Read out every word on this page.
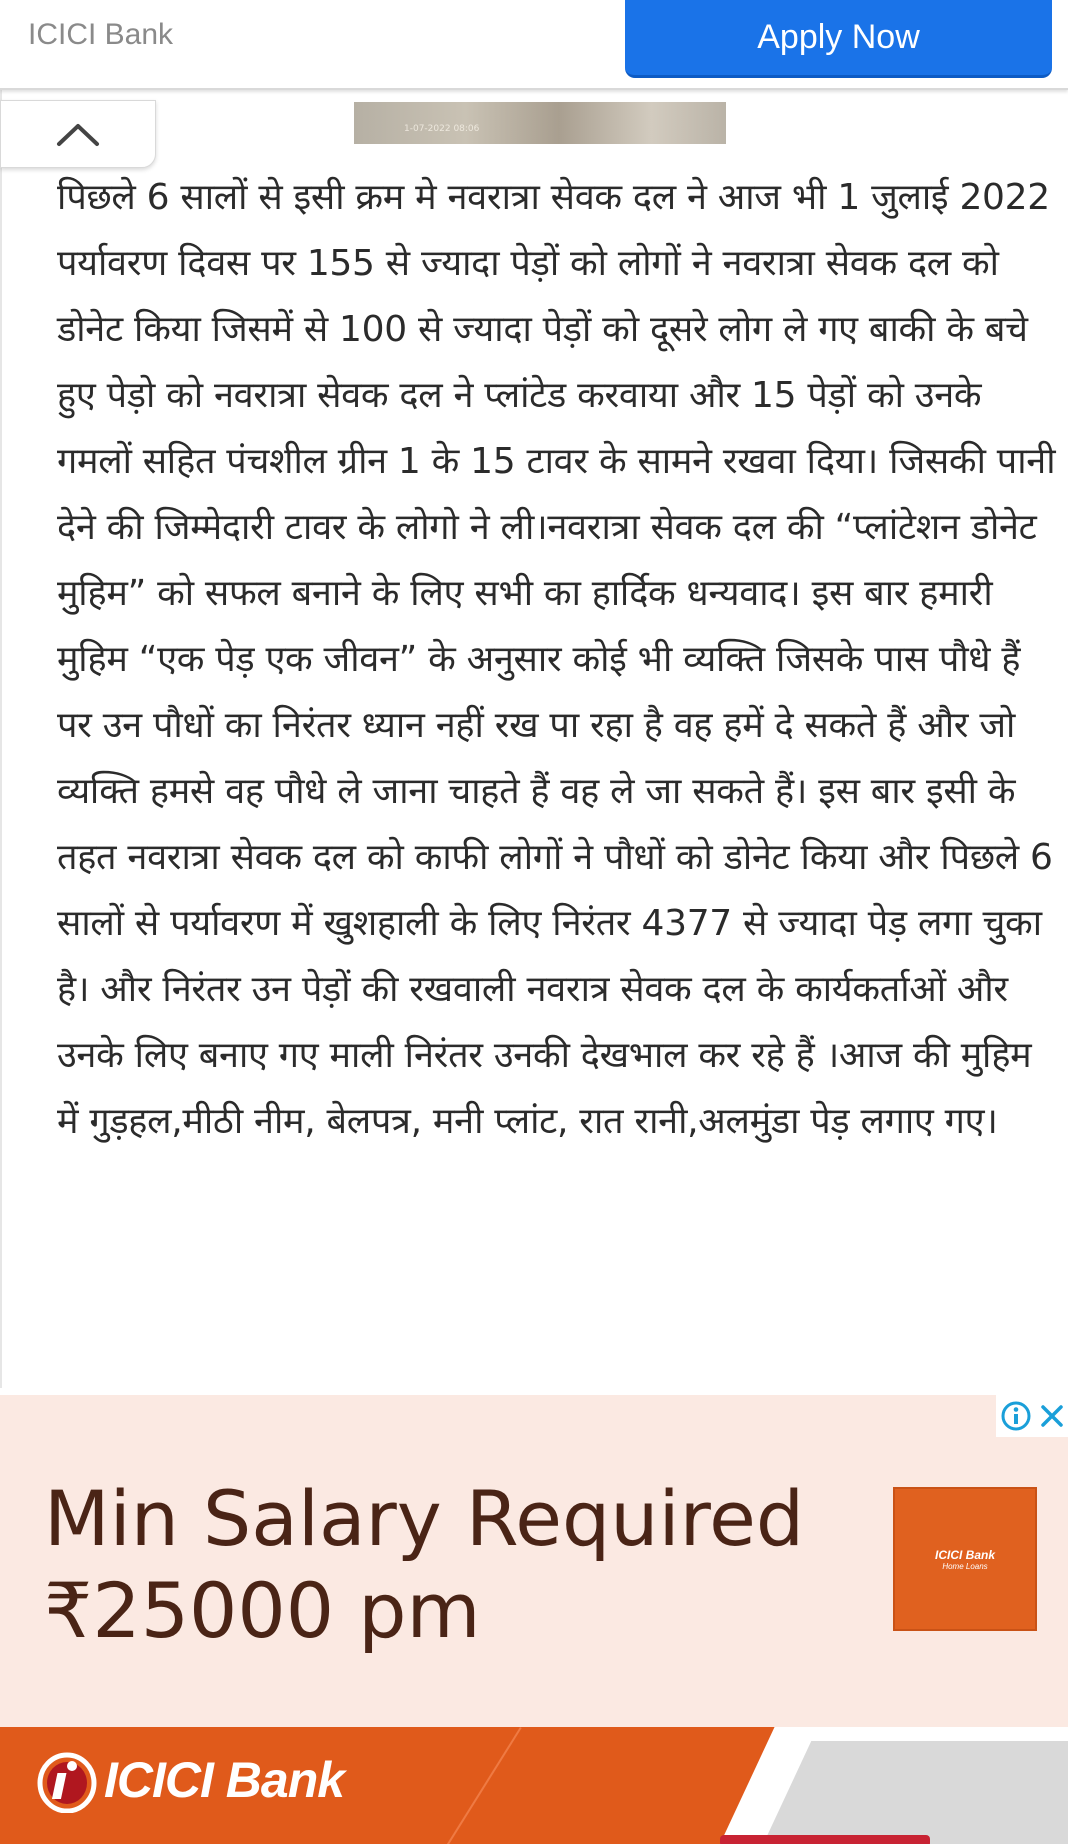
ICICI Bank	Apply Now

पिछले 6 सालों से इसी क्रम मे नवरात्रा सेवक दल ने आज भी 1 जुलाई 2022 पर्यावरण दिवस पर 155 से ज्यादा पेड़ों को लोगों ने नवरात्रा सेवक दल को डोनेट किया जिसमें से 100 से ज्यादा पेड़ों को दूसरे लोग ले गए बाकी के बचे हुए पेड़ो को नवरात्रा सेवक दल ने प्लांटेड करवाया और 15 पेड़ों को उनके गमलों सहित पंचशील ग्रीन 1 के 15 टावर के सामने रखवा दिया। जिसकी पानी देने की जिम्मेदारी टावर के लोगो ने ली।नवरात्रा सेवक दल की “प्लांटेशन डोनेट मुहिम” को सफल बनाने के लिए सभी का हार्दिक धन्यवाद। इस बार हमारी मुहिम “एक पेड़ एक जीवन” के अनुसार कोई भी व्यक्ति जिसके पास पौधे हैं पर उन पौधों का निरंतर ध्यान नहीं रख पा रहा है वह हमें दे सकते हैं और जो व्यक्ति हमसे वह पौधे ले जाना चाहते हैं वह ले जा सकते हैं। इस बार इसी के तहत नवरात्रा सेवक दल को काफी लोगों ने पौधों को डोनेट किया और पिछले 6 सालों से पर्यावरण में खुशहाली के लिए निरंतर 4377 से ज्यादा पेड़ लगा चुका है। और निरंतर उन पेड़ों की रखवाली नवरात्र सेवक दल के कार्यकर्ताओं और उनके लिए बनाए गए माली निरंतर उनकी देखभाल कर रहे हैं ।आज की मुहिम में गुड़हल,मीठी नीम, बेलपत्र, मनी प्लांट, रात रानी,अलमुंडा पेड़ लगाए गए।

1-07-2022 08:06
Min Salary Required
₹25000 pm
ICICI Bank
Home Loans
ICICI Bank
